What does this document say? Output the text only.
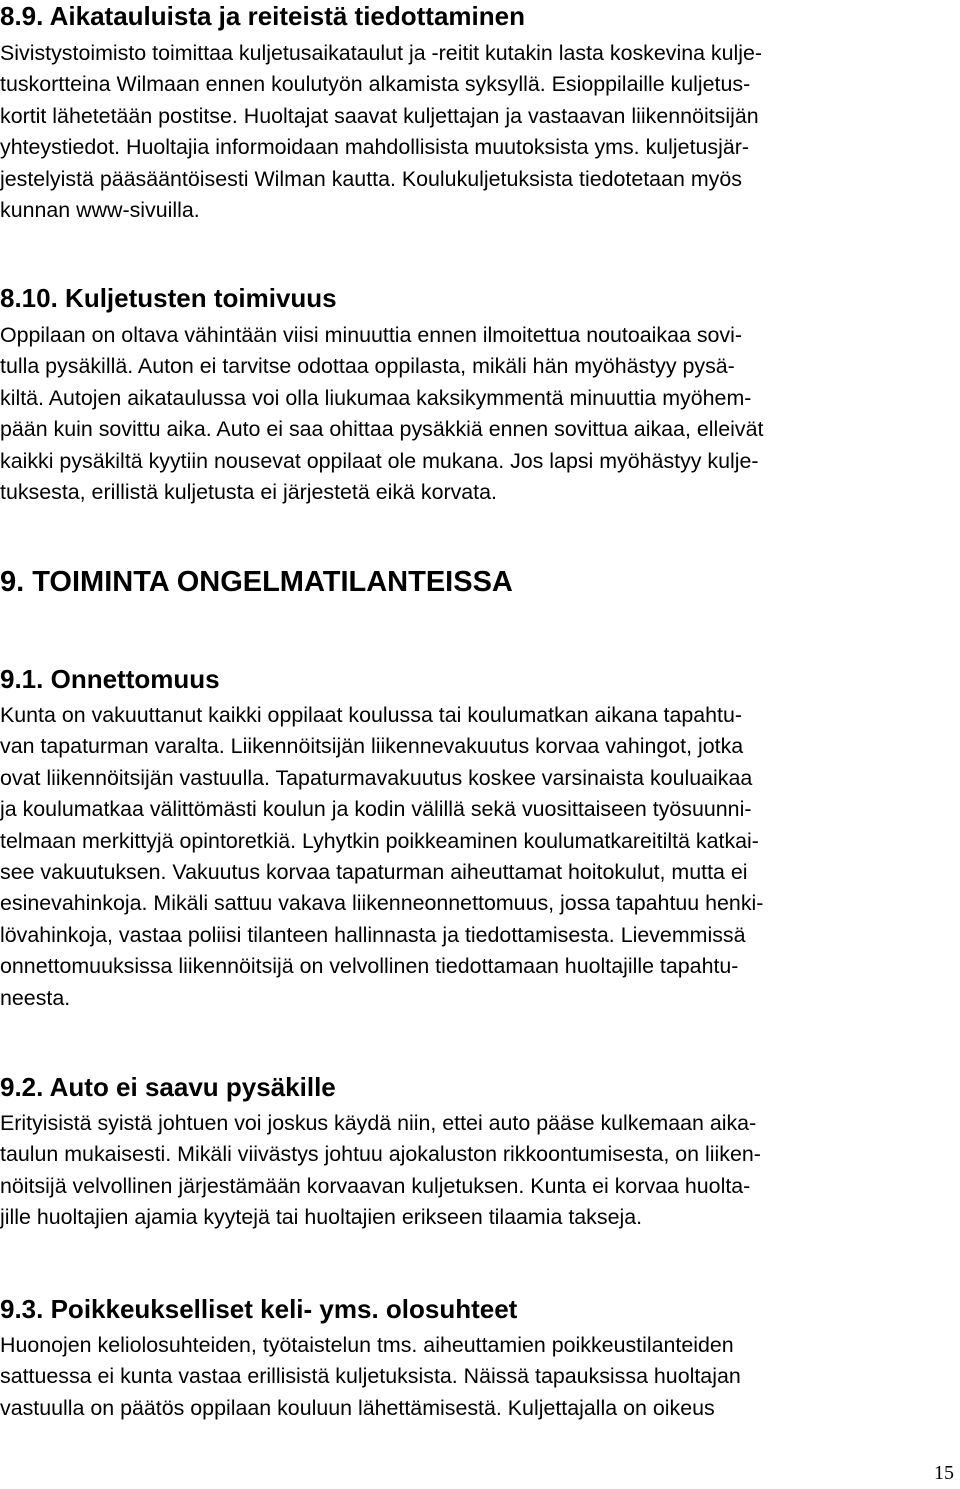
8.9. Aikatauluista ja reiteistä tiedottaminen
Sivistystoimisto toimittaa kuljetusaikataulut ja -reitit kutakin lasta koskevina kulje-
tuskortteina Wilmaan ennen koulutyön alkamista syksyllä. Esioppilaille kuljetus-
kortit lähetetään postitse. Huoltajat saavat kuljettajan ja vastaavan liikennöitsijän
yhteystiedot. Huoltajia informoidaan mahdollisista muutoksista yms. kuljetusjär-
jestelyistä pääsääntöisesti Wilman kautta. Koulukuljetuksista tiedotetaan myös
kunnan www-sivuilla.
8.10. Kuljetusten toimivuus
Oppilaan on oltava vähintään viisi minuuttia ennen ilmoitettua noutoaikaa sovi-
tulla pysäkillä. Auton ei tarvitse odottaa oppilasta, mikäli hän myöhästyy pysä-
kiltä. Autojen aikataulussa voi olla liukumaa kaksikymmentä minuuttia myöhem-
pään kuin sovittu aika. Auto ei saa ohittaa pysäkkiä ennen sovittua aikaa, elleivät
kaikki pysäkiltä kyytiin nousevat oppilaat ole mukana. Jos lapsi myöhästyy kulje-
tuksesta, erillistä kuljetusta ei järjestetä eikä korvata.
9. TOIMINTA ONGELMATILANTEISSA
9.1. Onnettomuus
Kunta on vakuuttanut kaikki oppilaat koulussa tai koulumatkan aikana tapahtu-
van tapaturman varalta. Liikennöitsijän liikennevakuutus korvaa vahingot, jotka
ovat liikennöitsijän vastuulla. Tapaturmavakuutus koskee varsinaista kouluaikaa
ja koulumatkaa välittömästi koulun ja kodin välillä sekä vuosittaiseen työsuunni-
telmaan merkittyjä opintoretkiä. Lyhytkin poikkeaminen koulumatkareitiltä katkai-
see vakuutuksen. Vakuutus korvaa tapaturman aiheuttamat hoitokulut, mutta ei
esinevahinkoja. Mikäli sattuu vakava liikenneonnettomuus, jossa tapahtuu henki-
lövahinkoja, vastaa poliisi tilanteen hallinnasta ja tiedottamisesta. Lievemmissä
onnettomuuksissa liikennöitsijä on velvollinen tiedottamaan huoltajille tapahtu-
neesta.
9.2. Auto ei saavu pysäkille
Erityisistä syistä johtuen voi joskus käydä niin, ettei auto pääse kulkemaan aika-
taulun mukaisesti. Mikäli viivästys johtuu ajokaluston rikkoontumisesta, on liiken-
nöitsijä velvollinen järjestämään korvaavan kuljetuksen. Kunta ei korvaa huolta-
jille huoltajien ajamia kyytejä tai huoltajien erikseen tilaamia takseja.
9.3. Poikkeukselliset keli- yms. olosuhteet
Huonojen keliolosuhteiden, työtaistelun tms. aiheuttamien poikkeustilanteiden
sattuessa ei kunta vastaa erillisistä kuljetuksista. Näissä tapauksissa huoltajan
vastuulla on päätös oppilaan kouluun lähettämisestä. Kuljettajalla on oikeus
15
